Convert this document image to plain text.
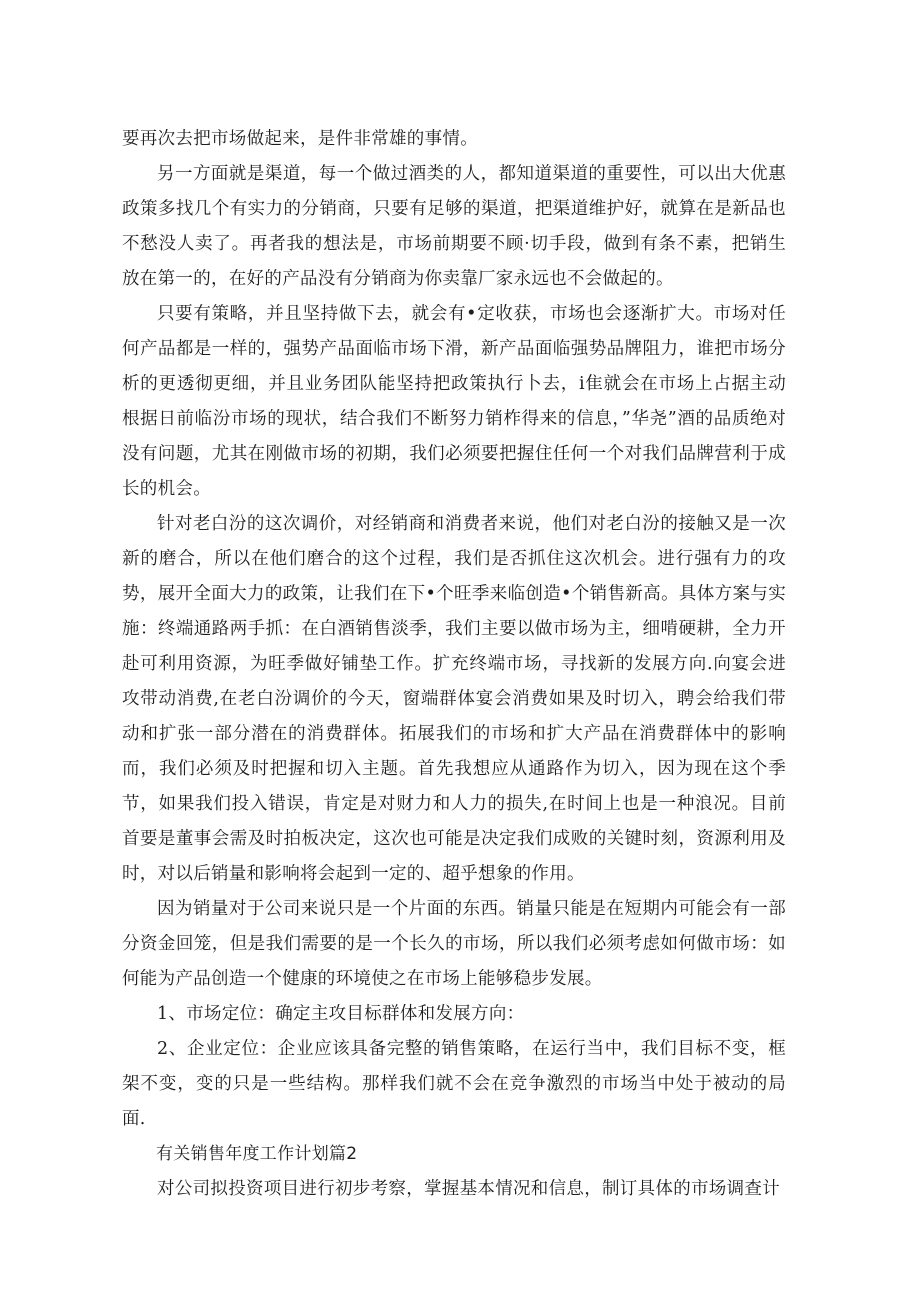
要再次去把市场做起来，是件非常雄的事情。

另一方面就是渠道，每一个做过酒类的人，都知道渠道的重要性，可以出大优惠政策多找几个有实力的分销商，只要有足够的渠道，把渠道维护好，就算在是新品也不愁没人卖了。再者我的想法是，市场前期要不顾·切手段，做到有条不素，把销生放在第一的，在好的产品没有分销商为你卖靠厂家永远也不会做起的。

只要有策略，并且坚持做下去，就会有•定收获，市场也会逐渐扩大。市场对任何产品都是一样的，强势产品面临市场下滑，新产品面临强势品牌阻力，谁把市场分析的更透彻更细，并且业务团队能坚持把政策执行卜去，i隹就会在市场上占据主动根据日前临汾市场的现状，结合我们不断努力销柞得来的信息，”华尧”酒的品质绝对没有问题，尤其在刚做市场的初期，我们必须要把握住任何一个对我们品牌营利于成长的机会。

针对老白汾的这次调价，对经销商和消费者来说，他们对老白汾的接触又是一次新的磨合，所以在他们磨合的这个过程，我们是否抓住这次机会。进行强有力的攻势，展开全面大力的政策，让我们在下•个旺季来临创造•个销售新高。具体方案与实施：终端通路两手抓：在白酒销售淡季，我们主要以做市场为主，细啃硬耕，全力开赴可利用资源，为旺季做好铺垫工作。扩充终端市场，寻找新的发展方向.向宴会进攻带动消费,在老白汾调价的今天，窗端群体宴会消费如果及时切入，聘会给我们带动和扩张一部分潜在的消费群体。拓展我们的市场和扩大产品在消费群体中的影响而，我们必须及时把握和切入主题。首先我想应从通路作为切入，因为现在这个季节，如果我们投入错误，肯定是对财力和人力的损失,在时间上也是一种浪况。目前首要是董事会需及时拍板决定，这次也可能是决定我们成败的关键时刻，资源利用及时，对以后销量和影响将会起到一定的、超乎想象的作用。

因为销量对于公司来说只是一个片面的东西。销量只能是在短期内可能会有一部分资金回笼，但是我们需要的是一个长久的市场，所以我们必须考虑如何做市场：如何能为产品创造一个健康的环境使之在市场上能够稳步发展。

1、市场定位：确定主攻目标群体和发展方向：

2、企业定位：企业应该具备完整的销售策略，在运行当中，我们目标不变，框架不变，变的只是一些结构。那样我们就不会在竞争激烈的市场当中处于被动的局面.

有关销售年度工作计划篇2

对公司拟投资项目进行初步考察，掌握基本情况和信息，制订具体的市场调查计
